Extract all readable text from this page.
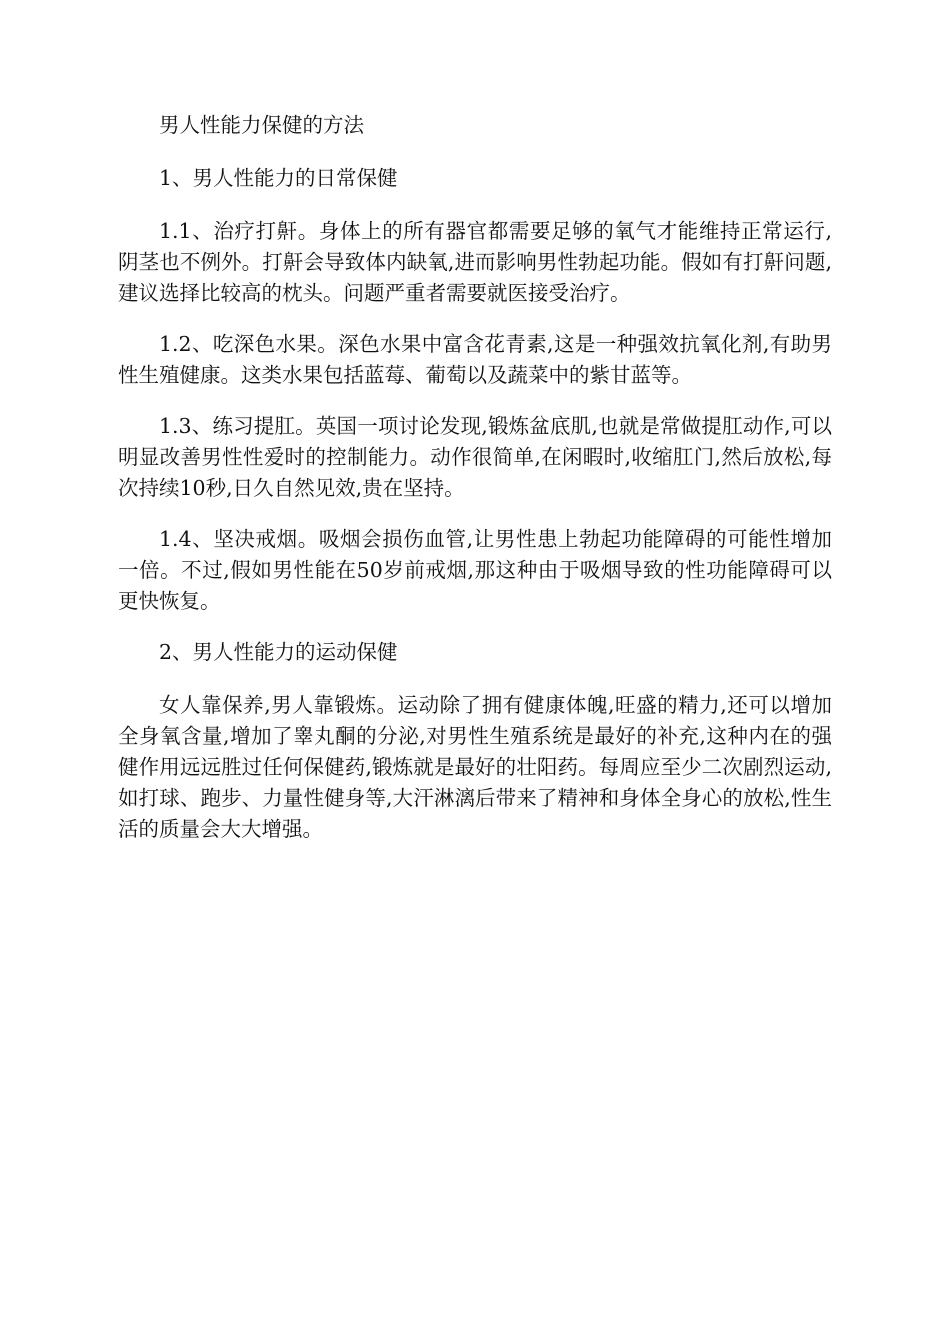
男人性能力保健的方法

1、男人性能力的日常保健

1.1、治疗打鼾。身体上的所有器官都需要足够的氧气才能维持正常运行,阴茎也不例外。打鼾会导致体内缺氧,进而影响男性勃起功能。假如有打鼾问题,建议选择比较高的枕头。问题严重者需要就医接受治疗。

1.2、吃深色水果。深色水果中富含花青素,这是一种强效抗氧化剂,有助男性生殖健康。这类水果包括蓝莓、葡萄以及蔬菜中的紫甘蓝等。

1.3、练习提肛。英国一项讨论发现,锻炼盆底肌,也就是常做提肛动作,可以明显改善男性性爱时的控制能力。动作很简单,在闲暇时,收缩肛门,然后放松,每次持续10秒,日久自然见效,贵在坚持。

1.4、坚决戒烟。吸烟会损伤血管,让男性患上勃起功能障碍的可能性增加一倍。不过,假如男性能在50岁前戒烟,那这种由于吸烟导致的性功能障碍可以更快恢复。

2、男人性能力的运动保健

女人靠保养,男人靠锻炼。运动除了拥有健康体魄,旺盛的精力,还可以增加全身氧含量,增加了睾丸酮的分泌,对男性生殖系统是最好的补充,这种内在的强健作用远远胜过任何保健药,锻炼就是最好的壮阳药。每周应至少二次剧烈运动,如打球、跑步、力量性健身等,大汗淋漓后带来了精神和身体全身心的放松,性生活的质量会大大增强。
